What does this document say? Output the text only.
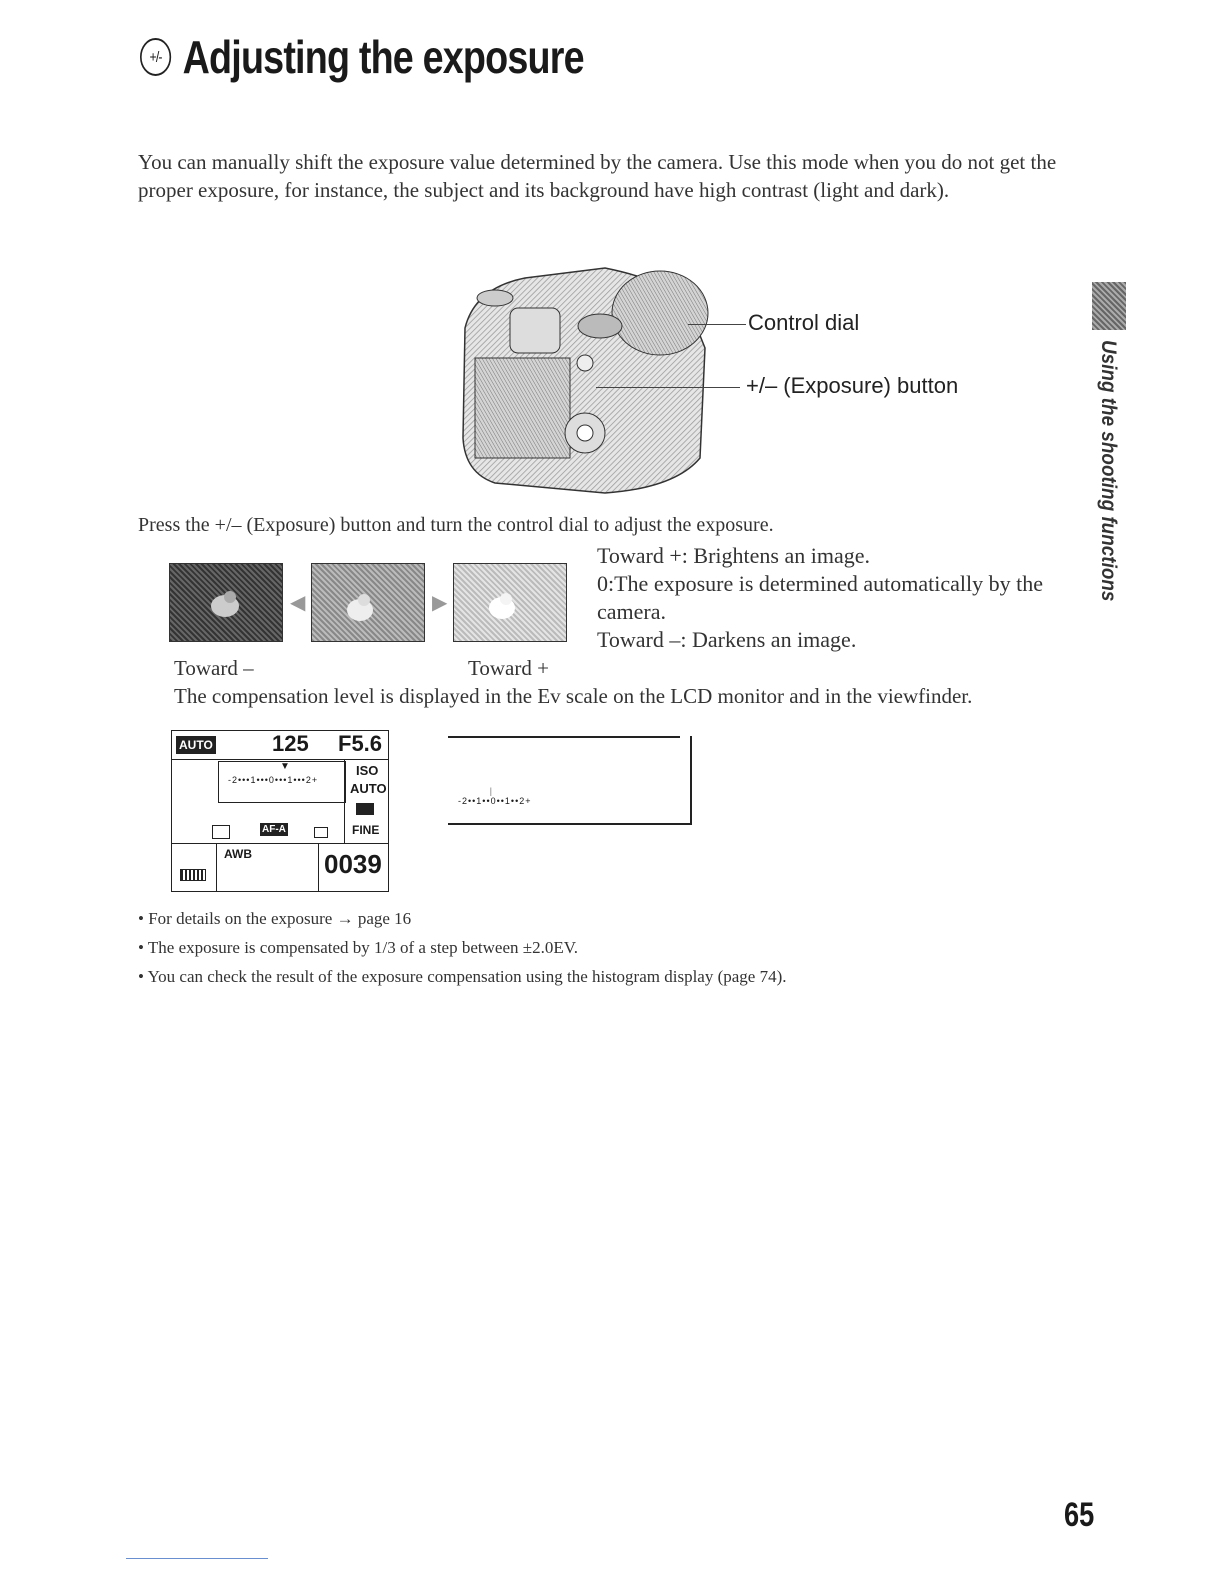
+/- Adjusting the exposure
You can manually shift the exposure value determined by the camera. Use this mode when you do not get the proper exposure, for instance, the subject and its background have high contrast (light and dark).
Using the shooting functions
Control dial
+/– (Exposure) button
Press the +/– (Exposure) button and turn the control dial to adjust the exposure.
◀	▶
Toward +: Brightens an image.
0:The exposure is determined automatically by the camera.
Toward –: Darkens an image.
Toward –	Toward +
The compensation level is displayed in the Ev scale on the LCD monitor and in the viewfinder.
AUTO	125 F5.6
▼
-2•••1•••0•••1•••2+
ISO
AUTO
FINE
AF-A
AWB	0039
|
-2••1••0••1••2+
• For details on the exposure → page 16
• The exposure is compensated by 1/3 of a step between ±2.0EV.
• You can check the result of the exposure compensation using the histogram display (page 74).
65
